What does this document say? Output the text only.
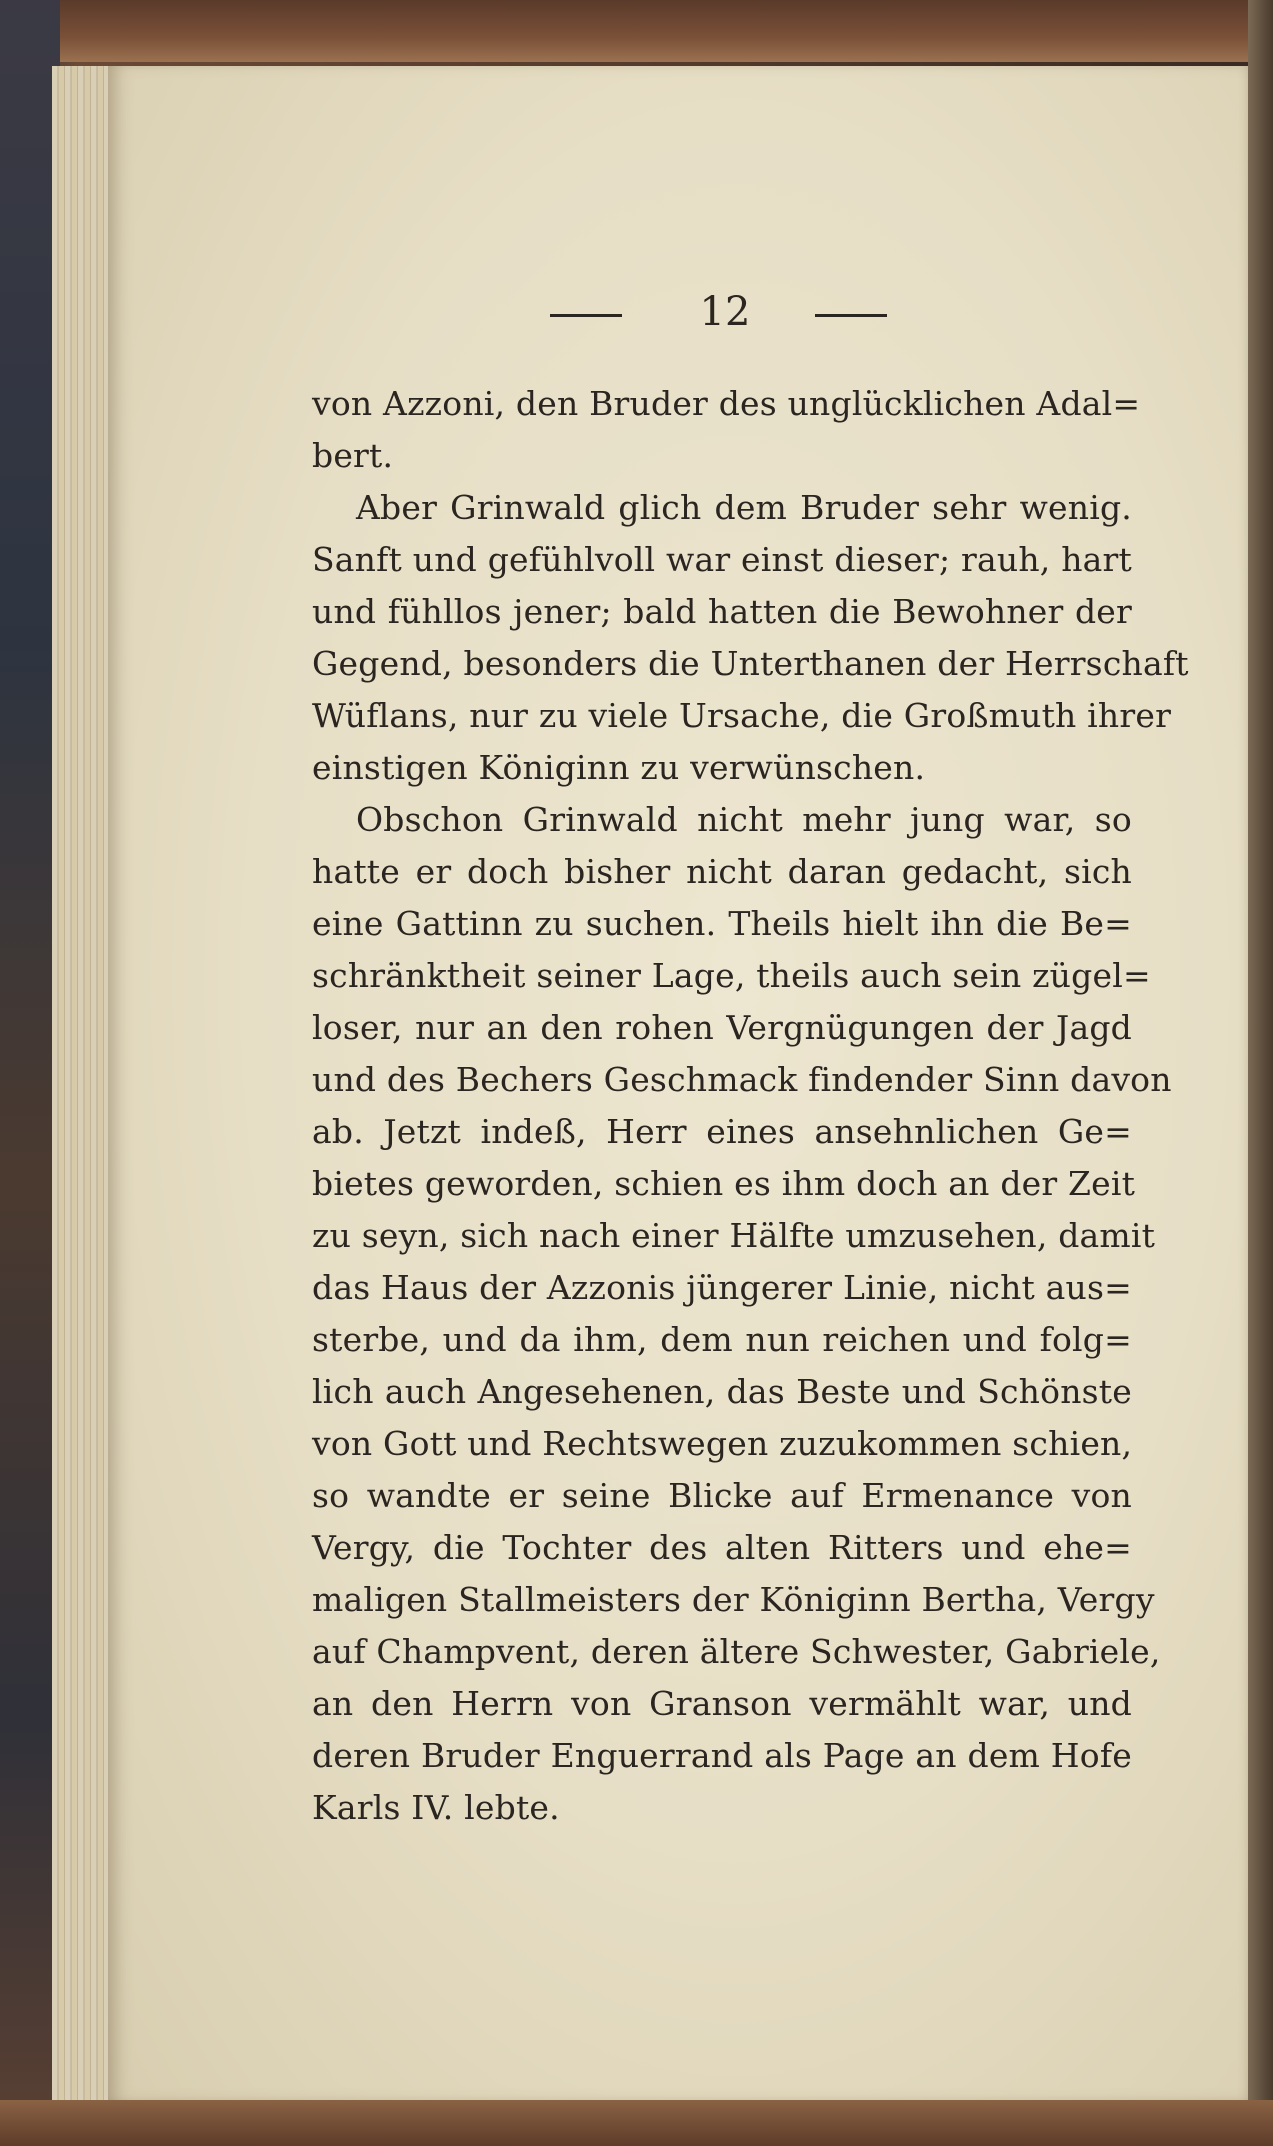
12
von Azzoni, den Bruder des unglücklichen Adal=
bert.
Aber Grinwald glich dem Bruder sehr wenig.
Sanft und gefühlvoll war einst dieser; rauh, hart
und fühllos jener; bald hatten die Bewohner der
Gegend, besonders die Unterthanen der Herrschaft
Wüflans, nur zu viele Ursache, die Großmuth ihrer
einstigen Königinn zu verwünschen.
Obschon Grinwald nicht mehr jung war, so
hatte er doch bisher nicht daran gedacht, sich
eine Gattinn zu suchen. Theils hielt ihn die Be=
schränktheit seiner Lage, theils auch sein zügel=
loser, nur an den rohen Vergnügungen der Jagd
und des Bechers Geschmack findender Sinn davon
ab. Jetzt indeß, Herr eines ansehnlichen Ge=
bietes geworden, schien es ihm doch an der Zeit
zu seyn, sich nach einer Hälfte umzusehen, damit
das Haus der Azzonis jüngerer Linie, nicht aus=
sterbe, und da ihm, dem nun reichen und folg=
lich auch Angesehenen, das Beste und Schönste
von Gott und Rechtswegen zuzukommen schien,
so wandte er seine Blicke auf Ermenance von
Vergy, die Tochter des alten Ritters und ehe=
maligen Stallmeisters der Königinn Bertha, Vergy
auf Champvent, deren ältere Schwester, Gabriele,
an den Herrn von Granson vermählt war, und
deren Bruder Enguerrand als Page an dem Hofe
Karls IV. lebte.
